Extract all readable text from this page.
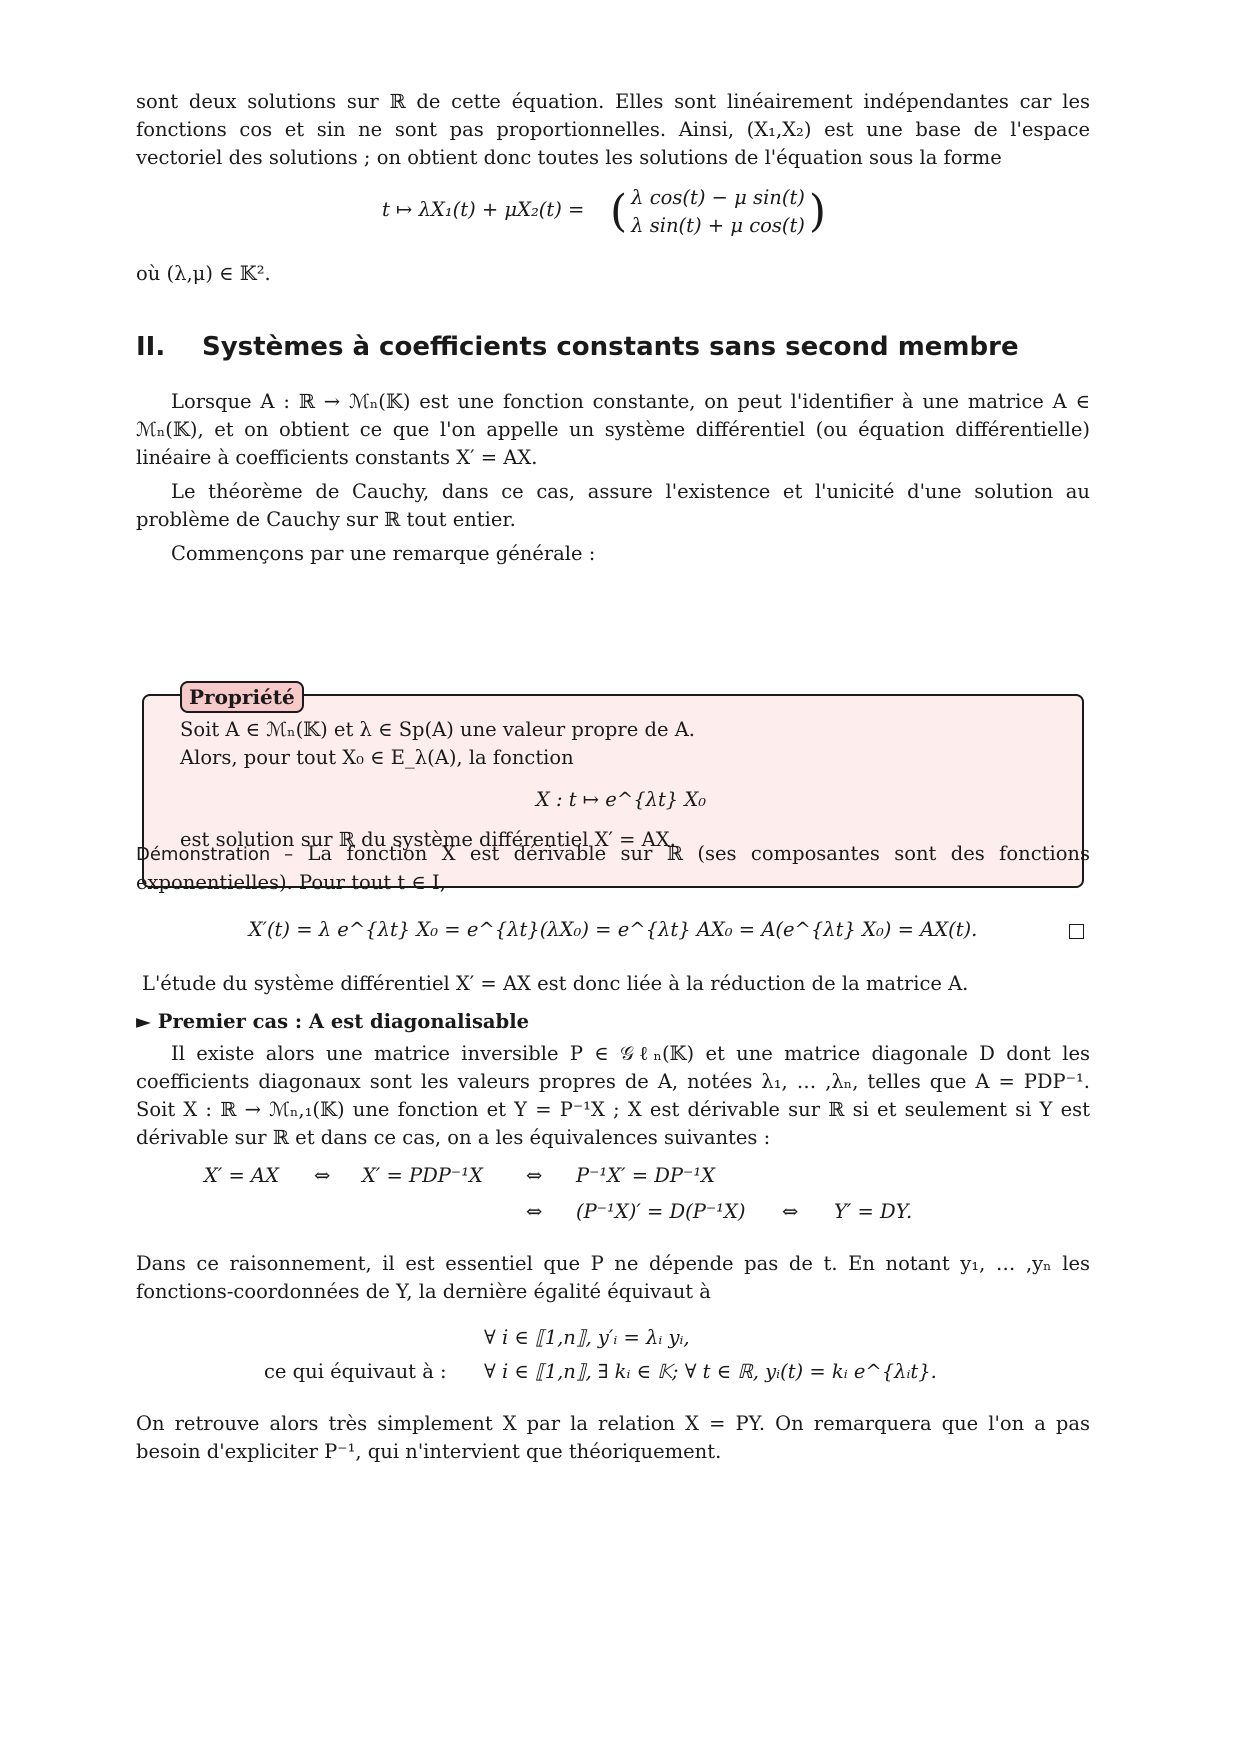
sont deux solutions sur ℝ de cette équation. Elles sont linéairement indépendantes car les fonctions cos et sin ne sont pas proportionnelles. Ainsi, (X₁,X₂) est une base de l'espace vectoriel des solutions ; on obtient donc toutes les solutions de l'équation sous la forme

t ↦ λX₁(t) + μX₂(t) = ( λ cos(t) − μ sin(t)
λ sin(t) + μ cos(t) )

où (λ,μ) ∈ 𝕂².

II. Systèmes à coefficients constants sans second membre

Lorsque A : ℝ → ℳₙ(𝕂) est une fonction constante, on peut l'identifier à une matrice A ∈ ℳₙ(𝕂), et on obtient ce que l'on appelle un système différentiel (ou équation différentielle) linéaire à coefficients constants X′ = AX.

Le théorème de Cauchy, dans ce cas, assure l'existence et l'unicité d'une solution au problème de Cauchy sur ℝ tout entier.

Commençons par une remarque générale :

Propriété

Soit A ∈ ℳₙ(𝕂) et λ ∈ Sp(A) une valeur propre de A.

Alors, pour tout X₀ ∈ E_λ(A), la fonction

X : t ↦ e^{λt} X₀

est solution sur ℝ du système différentiel X′ = AX.

Démonstration – La fonction X est dérivable sur ℝ (ses composantes sont des fonctions exponentielles). Pour tout t ∈ I,

X′(t) = λ e^{λt} X₀ = e^{λt}(λX₀) = e^{λt} AX₀ = A(e^{λt} X₀) = AX(t).

L'étude du système différentiel X′ = AX est donc liée à la réduction de la matrice A.

► Premier cas : A est diagonalisable

Il existe alors une matrice inversible P ∈ 𝒢ℓₙ(𝕂) et une matrice diagonale D dont les coefficients diagonaux sont les valeurs propres de A, notées λ₁, … ,λₙ, telles que A = PDP⁻¹. Soit X : ℝ → ℳₙ,₁(𝕂) une fonction et Y = P⁻¹X ; X est dérivable sur ℝ si et seulement si Y est dérivable sur ℝ et dans ce cas, on a les équivalences suivantes :

X′ = AX ⇔ X′ = PDP⁻¹X ⇔ P⁻¹X′ = DP⁻¹X
⇔ (P⁻¹X)′ = D(P⁻¹X) ⇔ Y′ = DY.

Dans ce raisonnement, il est essentiel que P ne dépende pas de t. En notant y₁, … ,yₙ les fonctions-coordonnées de Y, la dernière égalité équivaut à

∀ i ∈ ⟦1,n⟧, y′ᵢ = λᵢ yᵢ,
ce qui équivaut à : ∀ i ∈ ⟦1,n⟧, ∃ kᵢ ∈ 𝕂; ∀ t ∈ ℝ, yᵢ(t) = kᵢ e^{λᵢt}.

On retrouve alors très simplement X par la relation X = PY. On remarquera que l'on a pas besoin d'expliciter P⁻¹, qui n'intervient que théoriquement.
